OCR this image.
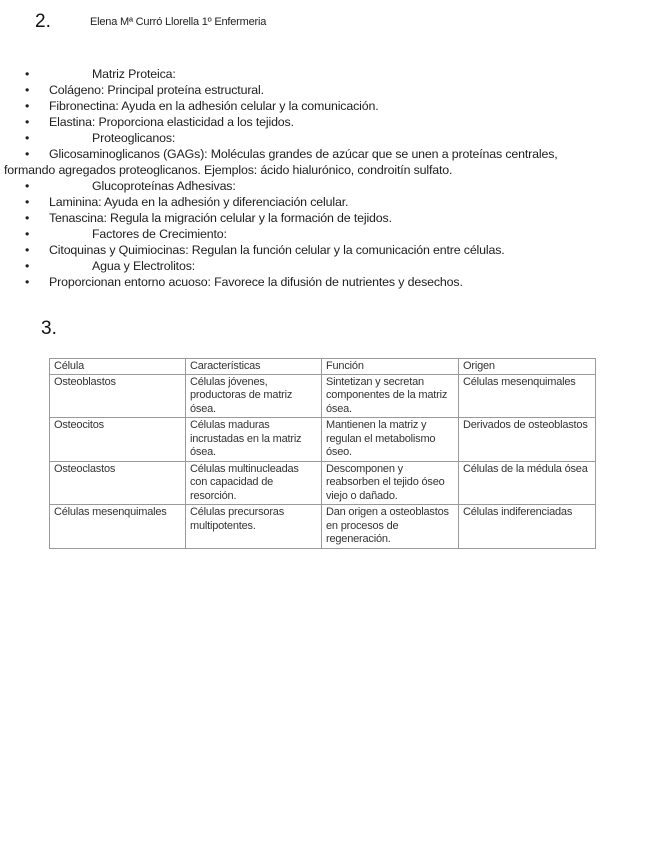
2.	Elena Mª Curró Llorella 1º Enfermeria
•	Matriz Proteica:
• Colágeno: Principal proteína estructural.
• Fibronectina: Ayuda en la adhesión celular y la comunicación.
• Elastina: Proporciona elasticidad a los tejidos.
•	Proteoglicanos:
•	Glicosaminoglicanos (GAGs): Moléculas grandes de azúcar que se unen a proteínas centrales,
formando agregados proteoglicanos. Ejemplos: ácido hialurónico, condroitín sulfato.
•	Glucoproteínas Adhesivas:
• Laminina: Ayuda en la adhesión y diferenciación celular.
• Tenascina: Regula la migración celular y la formación de tejidos.
•	Factores de Crecimiento:
• Citoquinas y Quimiocinas: Regulan la función celular y la comunicación entre células.
•	Agua y Electrolitos:
• Proporcionan entorno acuoso: Favorece la difusión de nutrientes y desechos.
3.
Célula	Características	Función	Origen
Osteoblastos	Células jóvenes, productoras de matriz ósea.	Sintetizan y secretan componentes de la matriz ósea.	Células mesenquimales
Osteocitos	Células maduras incrustadas en la matriz ósea.	Mantienen la matriz y regulan el metabolismo óseo.	Derivados de osteoblastos
Osteoclastos	Células multinucleadas con capacidad de resorción.	Descomponen y reabsorben el tejido óseo viejo o dañado.	Células de la médula ósea
Células mesenquimales	Células precursoras multipotentes.	Dan origen a osteoblastos en procesos de regeneración.	Células indiferenciadas
